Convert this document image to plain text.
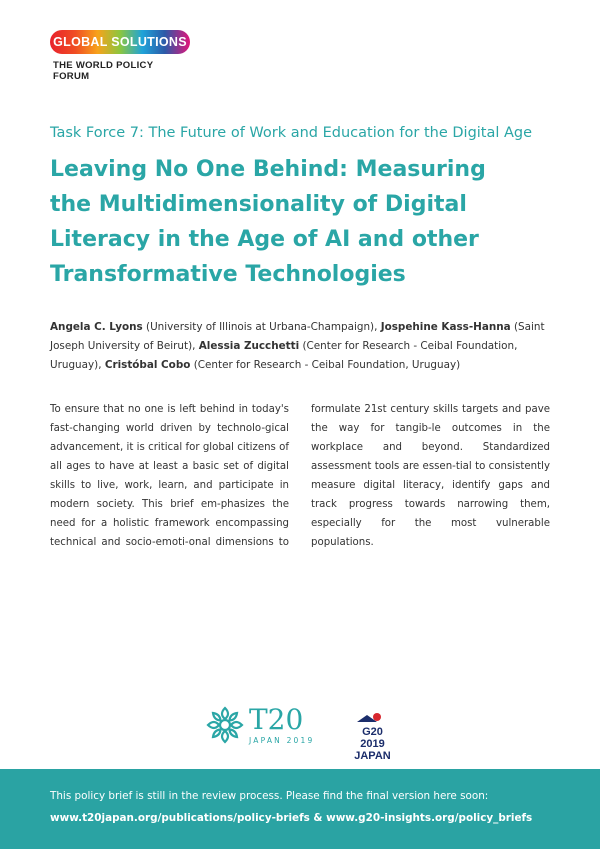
GLOBAL SOLUTIONS
THE WORLD POLICY FORUM
Task Force 7: The Future of Work and Education for the Digital Age
Leaving No One Behind: Measuring
the Multidimensionality of Digital
Literacy in the Age of AI and other
Transformative Technologies
Angela C. Lyons (University of Illinois at Urbana-Champaign), Jospehine Kass-Hanna (Saint Joseph University of Beirut), Alessia Zucchetti (Center for Research - Ceibal Foundation, Uruguay), Cristóbal Cobo (Center for Research - Ceibal Foundation, Uruguay)
To ensure that no one is left behind in today's fast-changing world driven by technolo-gical advancement, it is critical for global citizens of all ages to have at least a basic set of digital skills to live, work, learn, and participate in modern society. This brief em-phasizes the need for a holistic framework encompassing technical and socio-emoti-onal dimensions to formulate 21st century skills targets and pave the way for tangib-le outcomes in the workplace and beyond. Standardized assessment tools are essen-tial to consistently measure digital literacy, identify gaps and track progress towards narrowing them, especially for the most vulnerable populations.
T20
JAPAN 2019
G20
2019
JAPAN
This policy brief is still in the review process. Please find the final version here soon:
www.t20japan.org/publications/policy-briefs & www.g20-insights.org/policy_briefs
